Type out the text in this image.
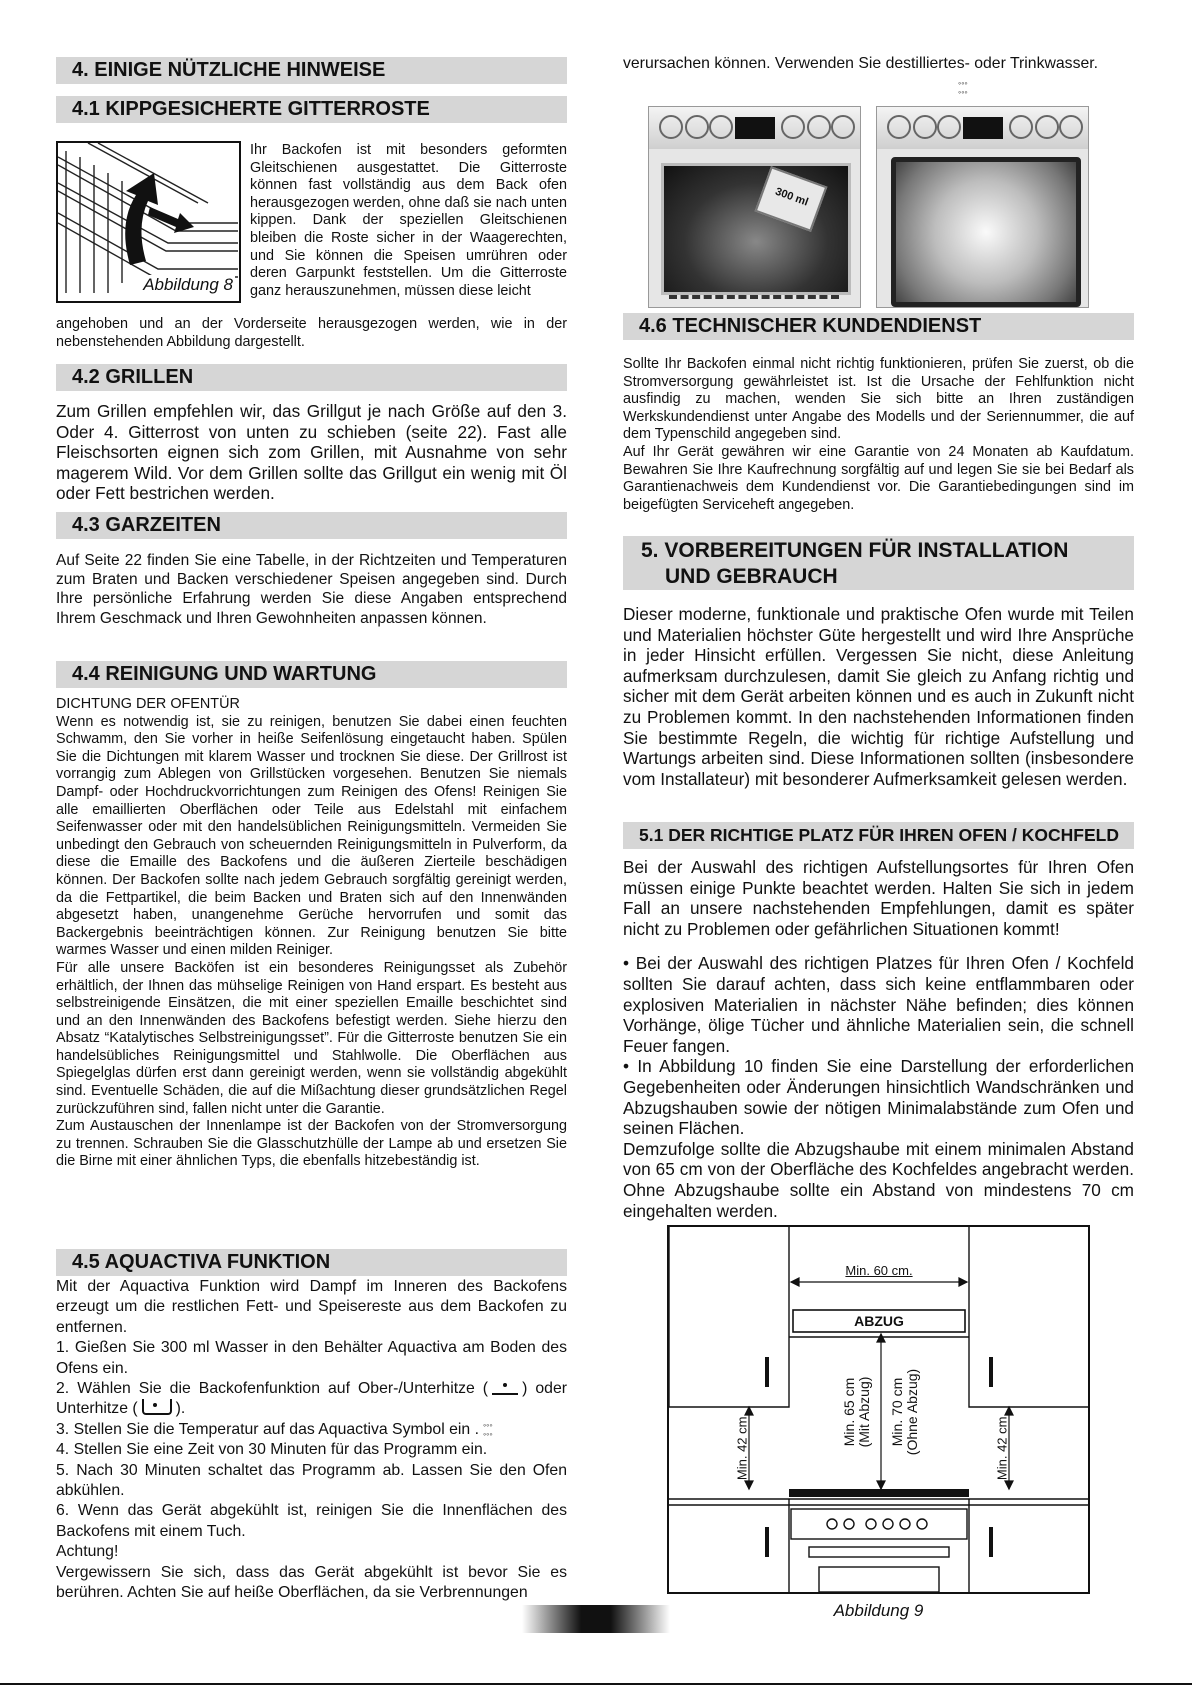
4. EINIGE NÜTZLICHE HINWEISE
4.1 KIPPGESICHERTE GITTERROSTE
Abbildung 8
Ihr Backofen ist mit besonders geformten Gleitschienen ausgestattet. Die Gitterroste können fast vollständig aus dem Back ofen herausgezogen werden, ohne daß sie nach unten kippen. Dank der speziellen Gleitschienen bleiben die Roste sicher in der Waagerechten, und Sie können die Speisen umrühren oder deren Garpunkt feststellen. Um die Gitterroste ganz herauszunehmen, müssen diese leicht
angehoben und an der Vorderseite herausgezogen werden, wie in der nebenstehenden Abbildung dargestellt.
4.2 GRILLEN
Zum Grillen empfehlen wir, das Grillgut je nach Größe auf den 3. Oder 4. Gitterrost von unten zu schieben (seite 22). Fast alle Fleischsorten eignen sich zom Grillen, mit Ausnahme von sehr magerem Wild. Vor dem Grillen sollte das Grillgut ein wenig mit Öl oder Fett bestrichen werden.
4.3 GARZEITEN
Auf Seite 22 finden Sie eine Tabelle, in der Richtzeiten und Temperaturen zum Braten und Backen verschiedener Speisen angegeben sind. Durch Ihre persönliche Erfahrung werden Sie diese Angaben entsprechend Ihrem Geschmack und Ihren Gewohnheiten anpassen können.
4.4 REINIGUNG UND WARTUNG
DICHTUNG DER OFENTÜR
Wenn es notwendig ist, sie zu reinigen, benutzen Sie dabei einen feuchten Schwamm, den Sie vorher in heiße Seifenlösung eingetaucht haben. Spülen Sie die Dichtungen mit klarem Wasser und trocknen Sie diese. Der Grillrost ist vorrangig zum Ablegen von Grillstücken vorgesehen. Benutzen Sie niemals Dampf- oder Hochdruckvorrichtungen zum Reinigen des Ofens! Reinigen Sie alle emaillierten Oberflächen oder Teile aus Edelstahl mit einfachem Seifenwasser oder mit den handelsüblichen Reinigungsmitteln. Vermeiden Sie unbedingt den Gebrauch von scheuernden Reinigungsmitteln in Pulverform, da diese die Emaille des Backofens und die äußeren Zierteile beschädigen können. Der Backofen sollte nach jedem Gebrauch sorgfältig gereinigt werden, da die Fettpartikel, die beim Backen und Braten sich auf den Innenwänden abgesetzt haben, unangenehme Gerüche hervorrufen und somit das Backergebnis beeinträchtigen können. Zur Reinigung benutzen Sie bitte warmes Wasser und einen milden Reiniger.
Für alle unsere Backöfen ist ein besonderes Reinigungsset als Zubehör erhältlich, der Ihnen das mühselige Reinigen von Hand erspart. Es besteht aus selbstreinigende Einsätzen, die mit einer speziellen Emaille beschichtet sind und an den Innenwänden des Backofens befestigt werden. Siehe hierzu den Absatz “Katalytisches Selbstreinigungsset”. Für die Gitterroste benutzen Sie ein handelsübliches Reinigungsmittel und Stahlwolle. Die Oberflächen aus Spiegelglas dürfen erst dann gereinigt werden, wenn sie vollständig abgekühlt sind. Eventuelle Schäden, die auf die Mißachtung dieser grundsätzlichen Regel zurückzuführen sind, fallen nicht unter die Garantie.
Zum Austauschen der Innenlampe ist der Backofen von der Stromversorgung zu trennen. Schrauben Sie die Glasschutzhülle der Lampe ab und ersetzen Sie die Birne mit einer ähnlichen Typs, die ebenfalls hitzebeständig ist.
4.5 AQUACTIVA FUNKTION
Mit der Aquactiva Funktion wird Dampf im Inneren des Backofens erzeugt um die restlichen Fett- und Speisereste aus dem Backofen zu entfernen.
1. Gießen Sie 300 ml Wasser in den Behälter Aquactiva am Boden des Ofens ein.
2. Wählen Sie die Backofenfunktion auf Ober-/Unterhitze ( ) oder Unterhitze ( ).
3. Stellen Sie die Temperatur auf das Aquactiva Symbol ein . ◦◦◦
◦◦◦
4. Stellen Sie eine Zeit von 30 Minuten für das Programm ein.
5. Nach 30 Minuten schaltet das Programm ab. Lassen Sie den Ofen abkühlen.
6. Wenn das Gerät abgekühlt ist, reinigen Sie die Innenflächen des Backofens mit einem Tuch.
Achtung!
Vergewissern Sie sich, dass das Gerät abgekühlt ist bevor Sie es berühren. Achten Sie auf heiße Oberflächen, da sie Verbrennungen
verursachen können. Verwenden Sie destilliertes- oder Trinkwasser.
◦◦◦
◦◦◦
300 ml
4.6 TECHNISCHER KUNDENDIENST
Sollte Ihr Backofen einmal nicht richtig funktionieren, prüfen Sie zuerst, ob die Stromversorgung gewährleistet ist. Ist die Ursache der Fehlfunktion nicht ausfindig zu machen, wenden Sie sich bitte an Ihren zuständigen Werkskundendienst unter Angabe des Modells und der Seriennummer, die auf dem Typenschild angegeben sind.
Auf Ihr Gerät gewähren wir eine Garantie von 24 Monaten ab Kaufdatum. Bewahren Sie Ihre Kaufrechnung sorgfältig auf und legen Sie sie bei Bedarf als Garantienachweis dem Kundendienst vor. Die Garantiebedingungen sind im beigefügten Serviceheft angegeben.
5. VORBEREITUNGEN FÜR INSTALLATION
UND GEBRAUCH
Dieser moderne, funktionale und praktische Ofen wurde mit Teilen und Materialien höchster Güte hergestellt und wird Ihre Ansprüche in jeder Hinsicht erfüllen. Vergessen Sie nicht, diese Anleitung aufmerksam durchzulesen, damit Sie gleich zu Anfang richtig und sicher mit dem Gerät arbeiten können und es auch in Zukunft nicht zu Problemen kommt. In den nachstehenden Informationen finden Sie bestimmte Regeln, die wichtig für richtige Aufstellung und Wartungs arbeiten sind. Diese Informationen sollten (insbesondere vom Installateur) mit besonderer Aufmerksamkeit gelesen werden.
5.1 DER RICHTIGE PLATZ FÜR IHREN OFEN / KOCHFELD
Bei der Auswahl des richtigen Aufstellungsortes für Ihren Ofen müssen einige Punkte beachtet werden. Halten Sie sich in jedem Fall an unsere nachstehenden Empfehlungen, damit es später nicht zu Problemen oder gefährlichen Situationen kommt!
• Bei der Auswahl des richtigen Platzes für Ihren Ofen / Kochfeld sollten Sie darauf achten, dass sich keine entflammbaren oder explosiven Materialien in nächster Nähe befinden; dies können Vorhänge, ölige Tücher und ähnliche Materialien sein, die schnell Feuer fangen.
• In Abbildung 10 finden Sie eine Darstellung der erforderlichen Gegebenheiten oder Änderungen hinsichtlich Wandschränken und Abzugshauben sowie der nötigen Minimalabstände zum Ofen und seinen Flächen.
Demzufolge sollte die Abzugshaube mit einem minimalen Abstand von 65 cm von der Oberfläche des Kochfeldes angebracht werden. Ohne Abzugshaube sollte ein Abstand von mindestens 70 cm eingehalten werden.
Min. 60 cm.
ABZUG
Min. 42 cm.	Min. 42 cm.
Min. 65 cm (Mit Abzug) Min. 70 cm (Ohne Abzug)
Abbildung 9
